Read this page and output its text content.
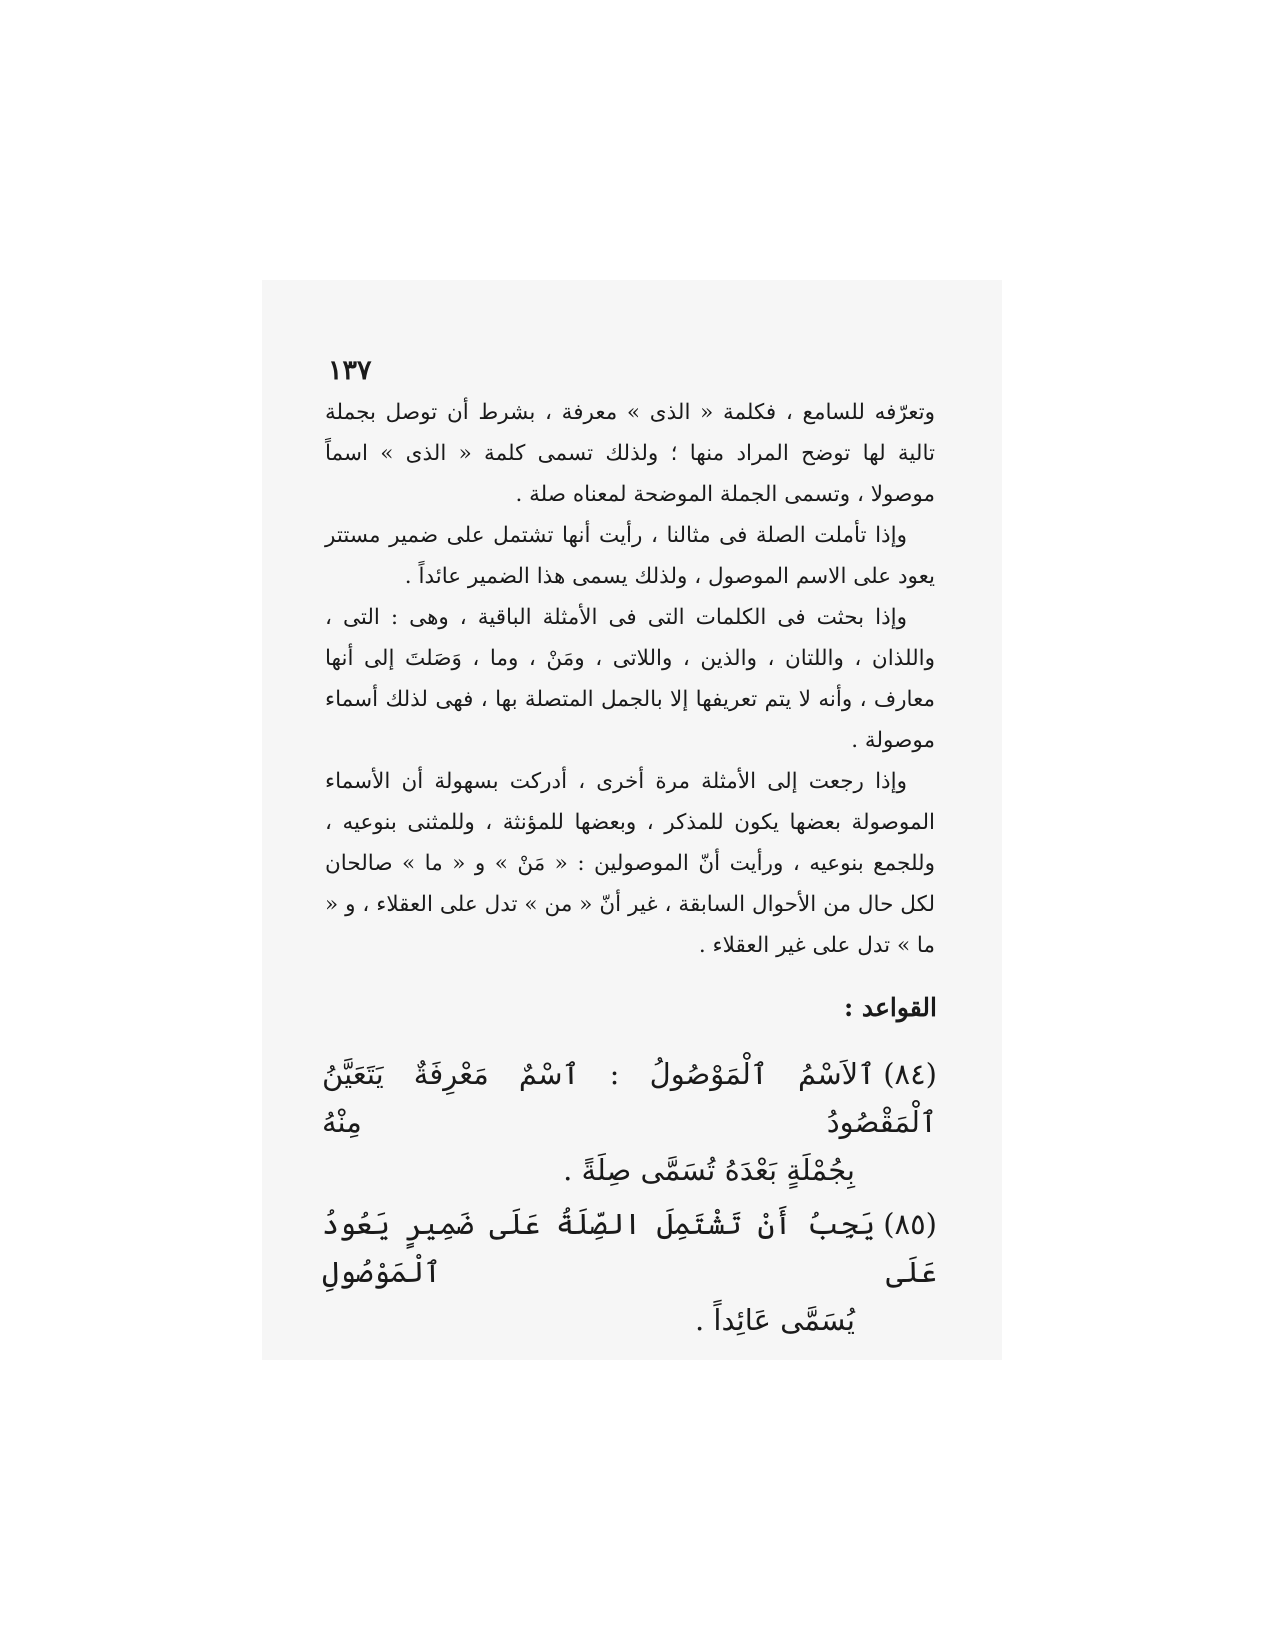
١٣٧

وتعرّفه للسامع ، فكلمة « الذى » معرفة ، بشرط أن توصل بجملة تالية لها توضح المراد منها ؛ ولذلك تسمى كلمة « الذى » اسماً موصولا ، وتسمى الجملة الموضحة لمعناه صلة .

وإذا تأملت الصلة فى مثالنا ، رأيت أنها تشتمل على ضمير مستتر يعود على الاسم الموصول ، ولذلك يسمى هذا الضمير عائداً .

وإذا بحثت فى الكلمات التى فى الأمثلة الباقية ، وهى : التى ، واللذان ، واللتان ، والذين ، واللاتى ، ومَنْ ، وما ، وَصَلتَ إلى أنها معارف ، وأنه لا يتم تعريفها إلا بالجمل المتصلة بها ، فهى لذلك أسماء موصولة .

وإذا رجعت إلى الأمثلة مرة أخرى ، أدركت بسهولة أن الأسماء الموصولة بعضها يكون للمذكر ، وبعضها للمؤنثة ، وللمثنى بنوعيه ، وللجمع بنوعيه ، ورأيت أنّ الموصولين : « مَنْ » و « ما » صالحان لكل حال من الأحوال السابقة ، غير أنّ « من » تدل على العقلاء ، و « ما » تدل على غير العقلاء .

القواعد :
(٨٤)ٱلاَسْمُ ٱلْمَوْصُولُ : ٱسْمٌ مَعْرِفَةٌ يَتَعَيَّنُ ٱلْمَقْصُودُ مِنْهُ
بِجُمْلَةٍ بَعْدَهُ تُسَمَّى صِلَةً .
(٨٥)يَجِبُ أَنْ تَشْتَمِلَ الصِّلَةُ عَلَى ضَمِيرٍ يَعُودُ عَلَى ٱلْمَوْصُولِ
يُسَمَّى عَائِداً .
